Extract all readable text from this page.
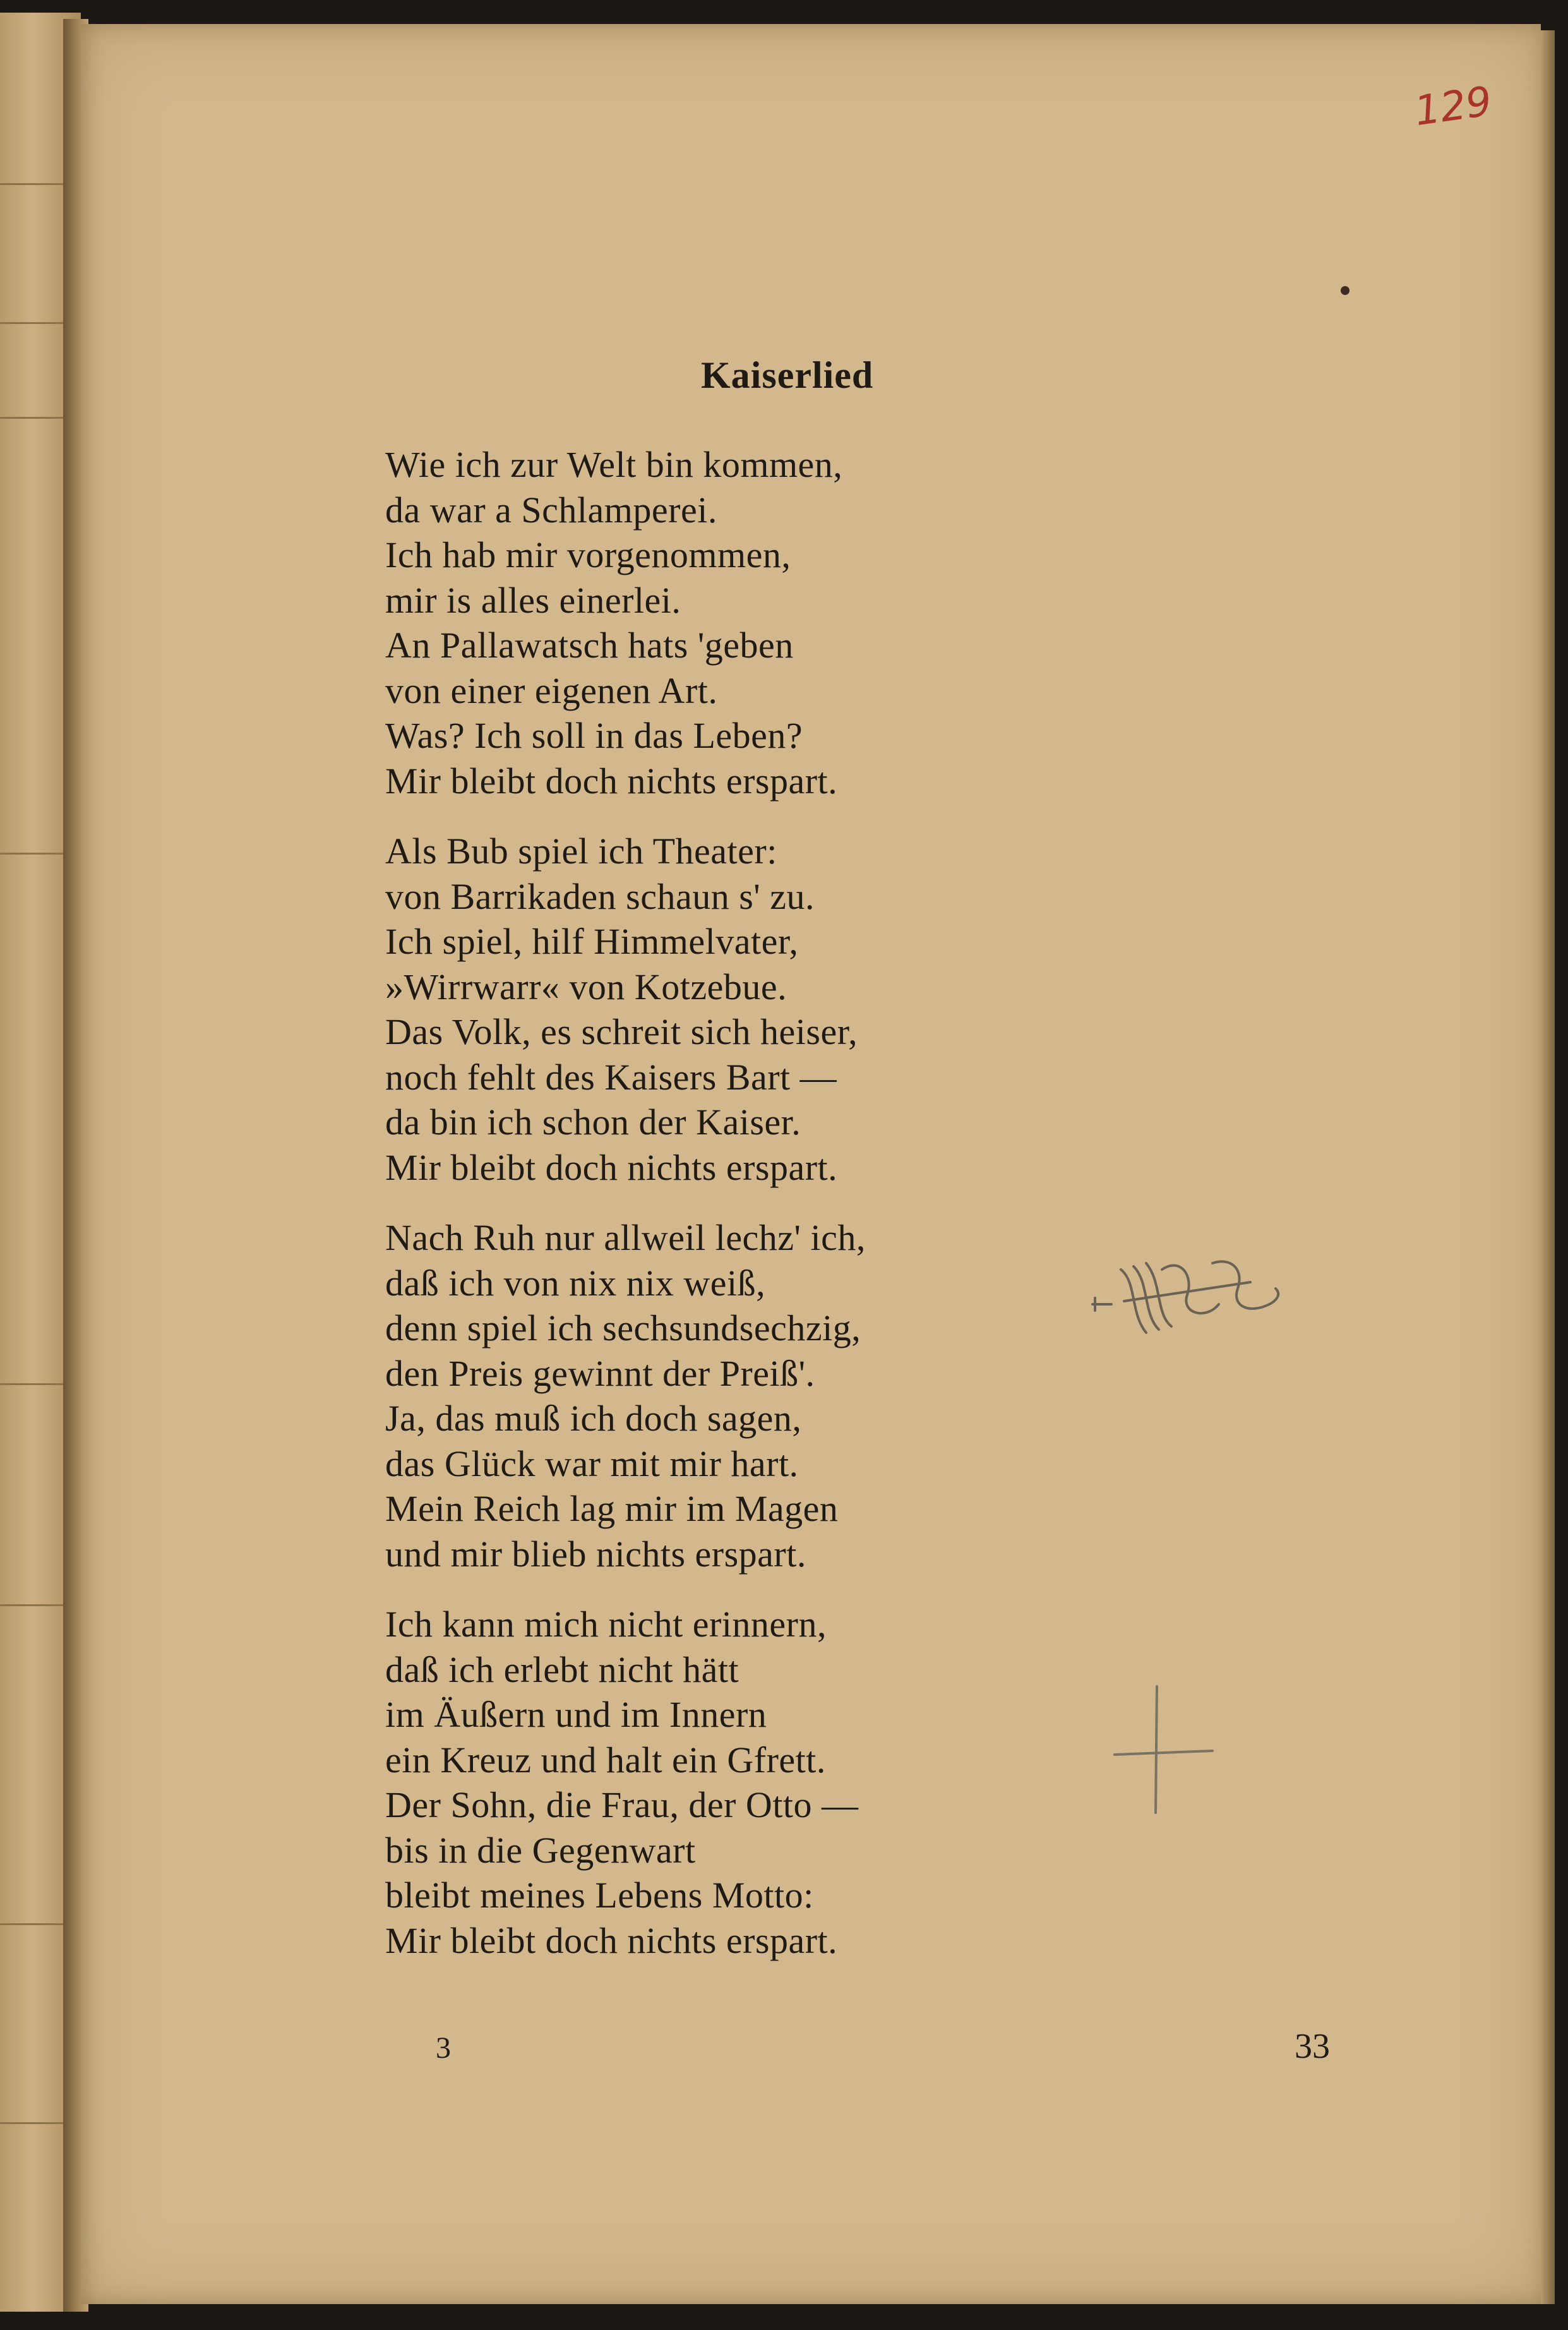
129
Kaiserlied
Wie ich zur Welt bin kommen,
da war a Schlamperei.
Ich hab mir vorgenommen,
mir is alles einerlei.
An Pallawatsch hats 'geben
von einer eigenen Art.
Was? Ich soll in das Leben?
Mir bleibt doch nichts erspart.
Als Bub spiel ich Theater:
von Barrikaden schaun s' zu.
Ich spiel, hilf Himmelvater,
»Wirrwarr« von Kotzebue.
Das Volk, es schreit sich heiser,
noch fehlt des Kaisers Bart —
da bin ich schon der Kaiser.
Mir bleibt doch nichts erspart.
Nach Ruh nur allweil lechz' ich,
daß ich von nix nix weiß,
denn spiel ich sechsundsechzig,
den Preis gewinnt der Preiß'.
Ja, das muß ich doch sagen,
das Glück war mit mir hart.
Mein Reich lag mir im Magen
und mir blieb nichts erspart.
Ich kann mich nicht erinnern,
daß ich erlebt nicht hätt
im Äußern und im Innern
ein Kreuz und halt ein Gfrett.
Der Sohn, die Frau, der Otto —
bis in die Gegenwart
bleibt meines Lebens Motto:
Mir bleibt doch nichts erspart.
3	33
